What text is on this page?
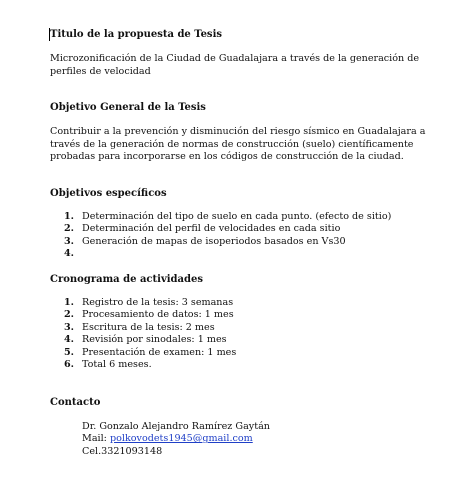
Titulo de la propuesta de Tesis
Microzonificación de la Ciudad de Guadalajara a través de la generación de
perfiles de velocidad
Objetivo General de la Tesis
Contribuir a la prevención y disminución del riesgo sísmico en Guadalajara a
través de la generación de normas de construcción (suelo) científicamente
probadas para incorporarse en los códigos de construcción de la ciudad.
Objetivos específicos
1. Determinación del tipo de suelo en cada punto. (efecto de sitio)
2. Determinación del perfil de velocidades en cada sitio
3. Generación de mapas de isoperiodos basados en Vs30
4.
Cronograma de actividades
1. Registro de la tesis: 3 semanas
2. Procesamiento de datos: 1 mes
3. Escritura de la tesis: 2 mes
4. Revisión por sinodales: 1 mes
5. Presentación de examen: 1 mes
6. Total 6 meses.
Contacto
Dr. Gonzalo Alejandro Ramírez Gaytán
Mail: polkovodets1945@gmail.com
Cel.3321093148
